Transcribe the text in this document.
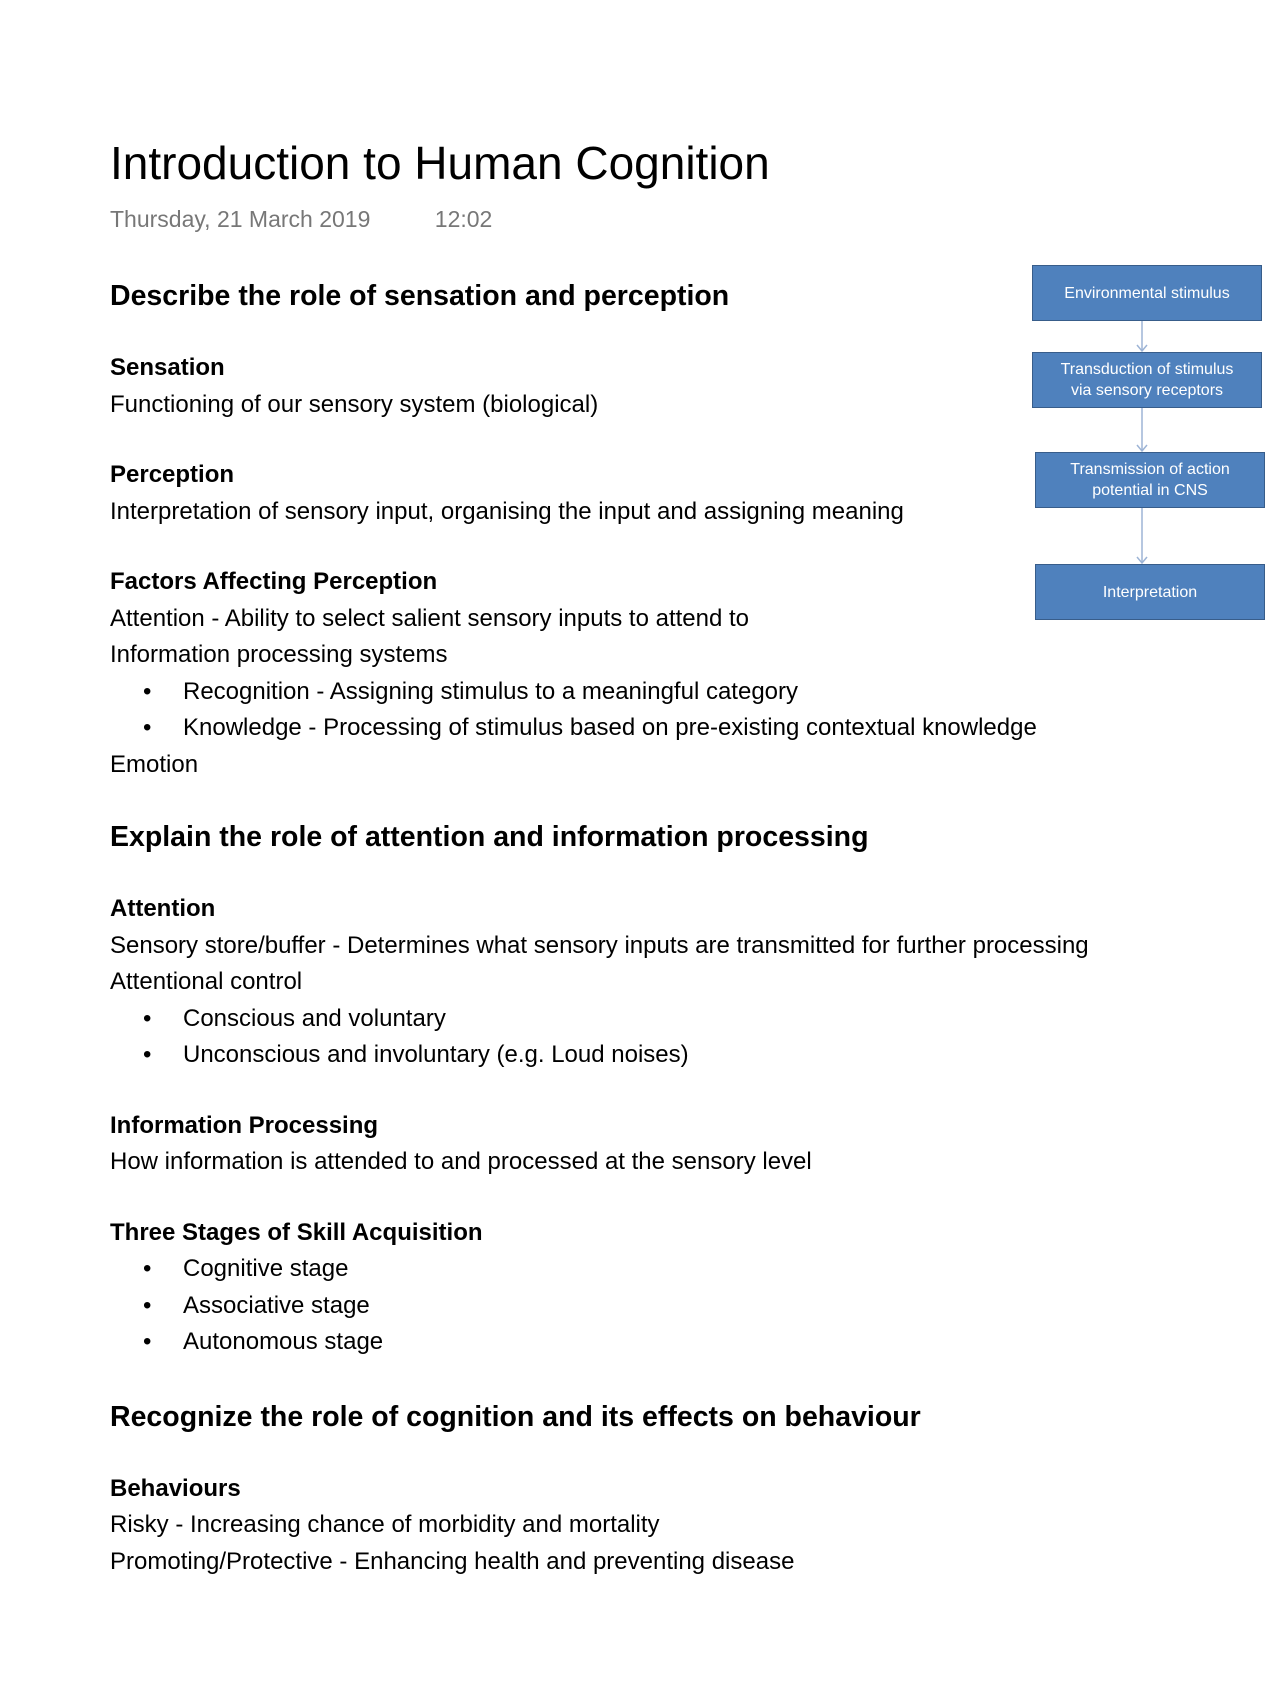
Introduction to Human Cognition
Thursday, 21 March 2019	12:02
Describe the role of sensation and perception
Sensation

Functioning of our sensory system (biological)

Perception

Interpretation of sensory input, organising the input and assigning meaning

Factors Affecting Perception

Attention - Ability to select salient sensory inputs to attend to

Information processing systems

• Recognition - Assigning stimulus to a meaningful category
• Knowledge - Processing of stimulus based on pre-existing contextual knowledge

Emotion

Explain the role of attention and information processing
Attention

Sensory store/buffer - Determines what sensory inputs are transmitted for further processing

Attentional control

• Conscious and voluntary
• Unconscious and involuntary (e.g. Loud noises)
Information Processing

How information is attended to and processed at the sensory level

Three Stages of Skill Acquisition
• Cognitive stage
• Associative stage
• Autonomous stage
Recognize the role of cognition and its effects on behaviour
Behaviours

Risky - Increasing chance of morbidity and mortality

Promoting/Protective - Enhancing health and preventing disease

Environmental stimulus
Transduction of stimulus
via sensory receptors
Transmission of action
potential in CNS
Interpretation
